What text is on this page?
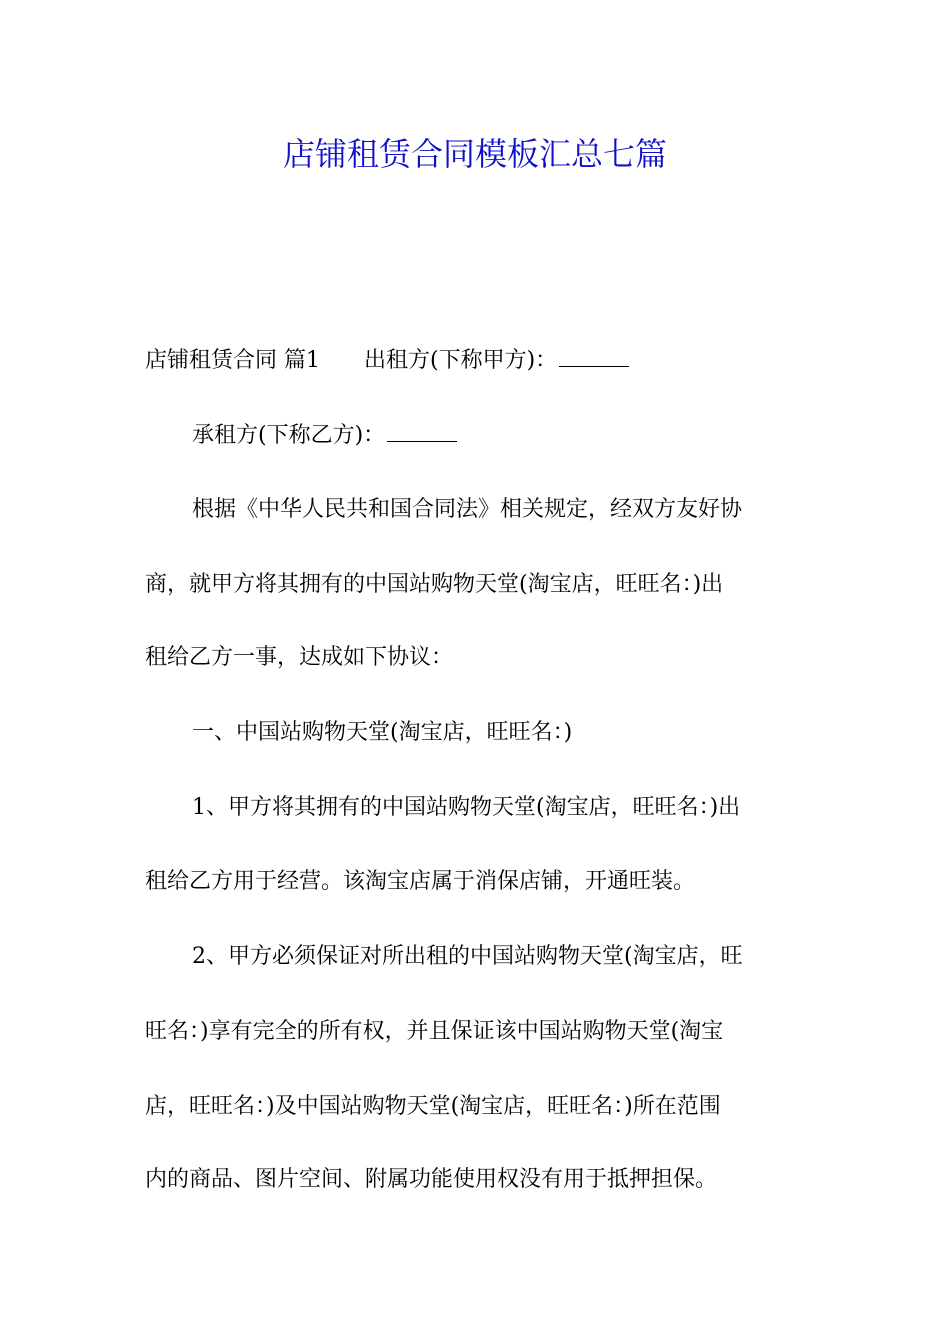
店铺租赁合同模板汇总七篇
店铺租赁合同 篇1 出租方(下称甲方)：
承租方(下称乙方)：
根据《中华人民共和国合同法》相关规定，经双方友好协
商，就甲方将其拥有的中国站购物天堂(淘宝店，旺旺名：)出
租给乙方一事，达成如下协议：
一、中国站购物天堂(淘宝店，旺旺名：)
1、甲方将其拥有的中国站购物天堂(淘宝店，旺旺名：)出
租给乙方用于经营。该淘宝店属于消保店铺，开通旺装。
2、甲方必须保证对所出租的中国站购物天堂(淘宝店，旺
旺名：)享有完全的所有权，并且保证该中国站购物天堂(淘宝
店，旺旺名：)及中国站购物天堂(淘宝店，旺旺名：)所在范围
内的商品、图片空间、附属功能使用权没有用于抵押担保。
